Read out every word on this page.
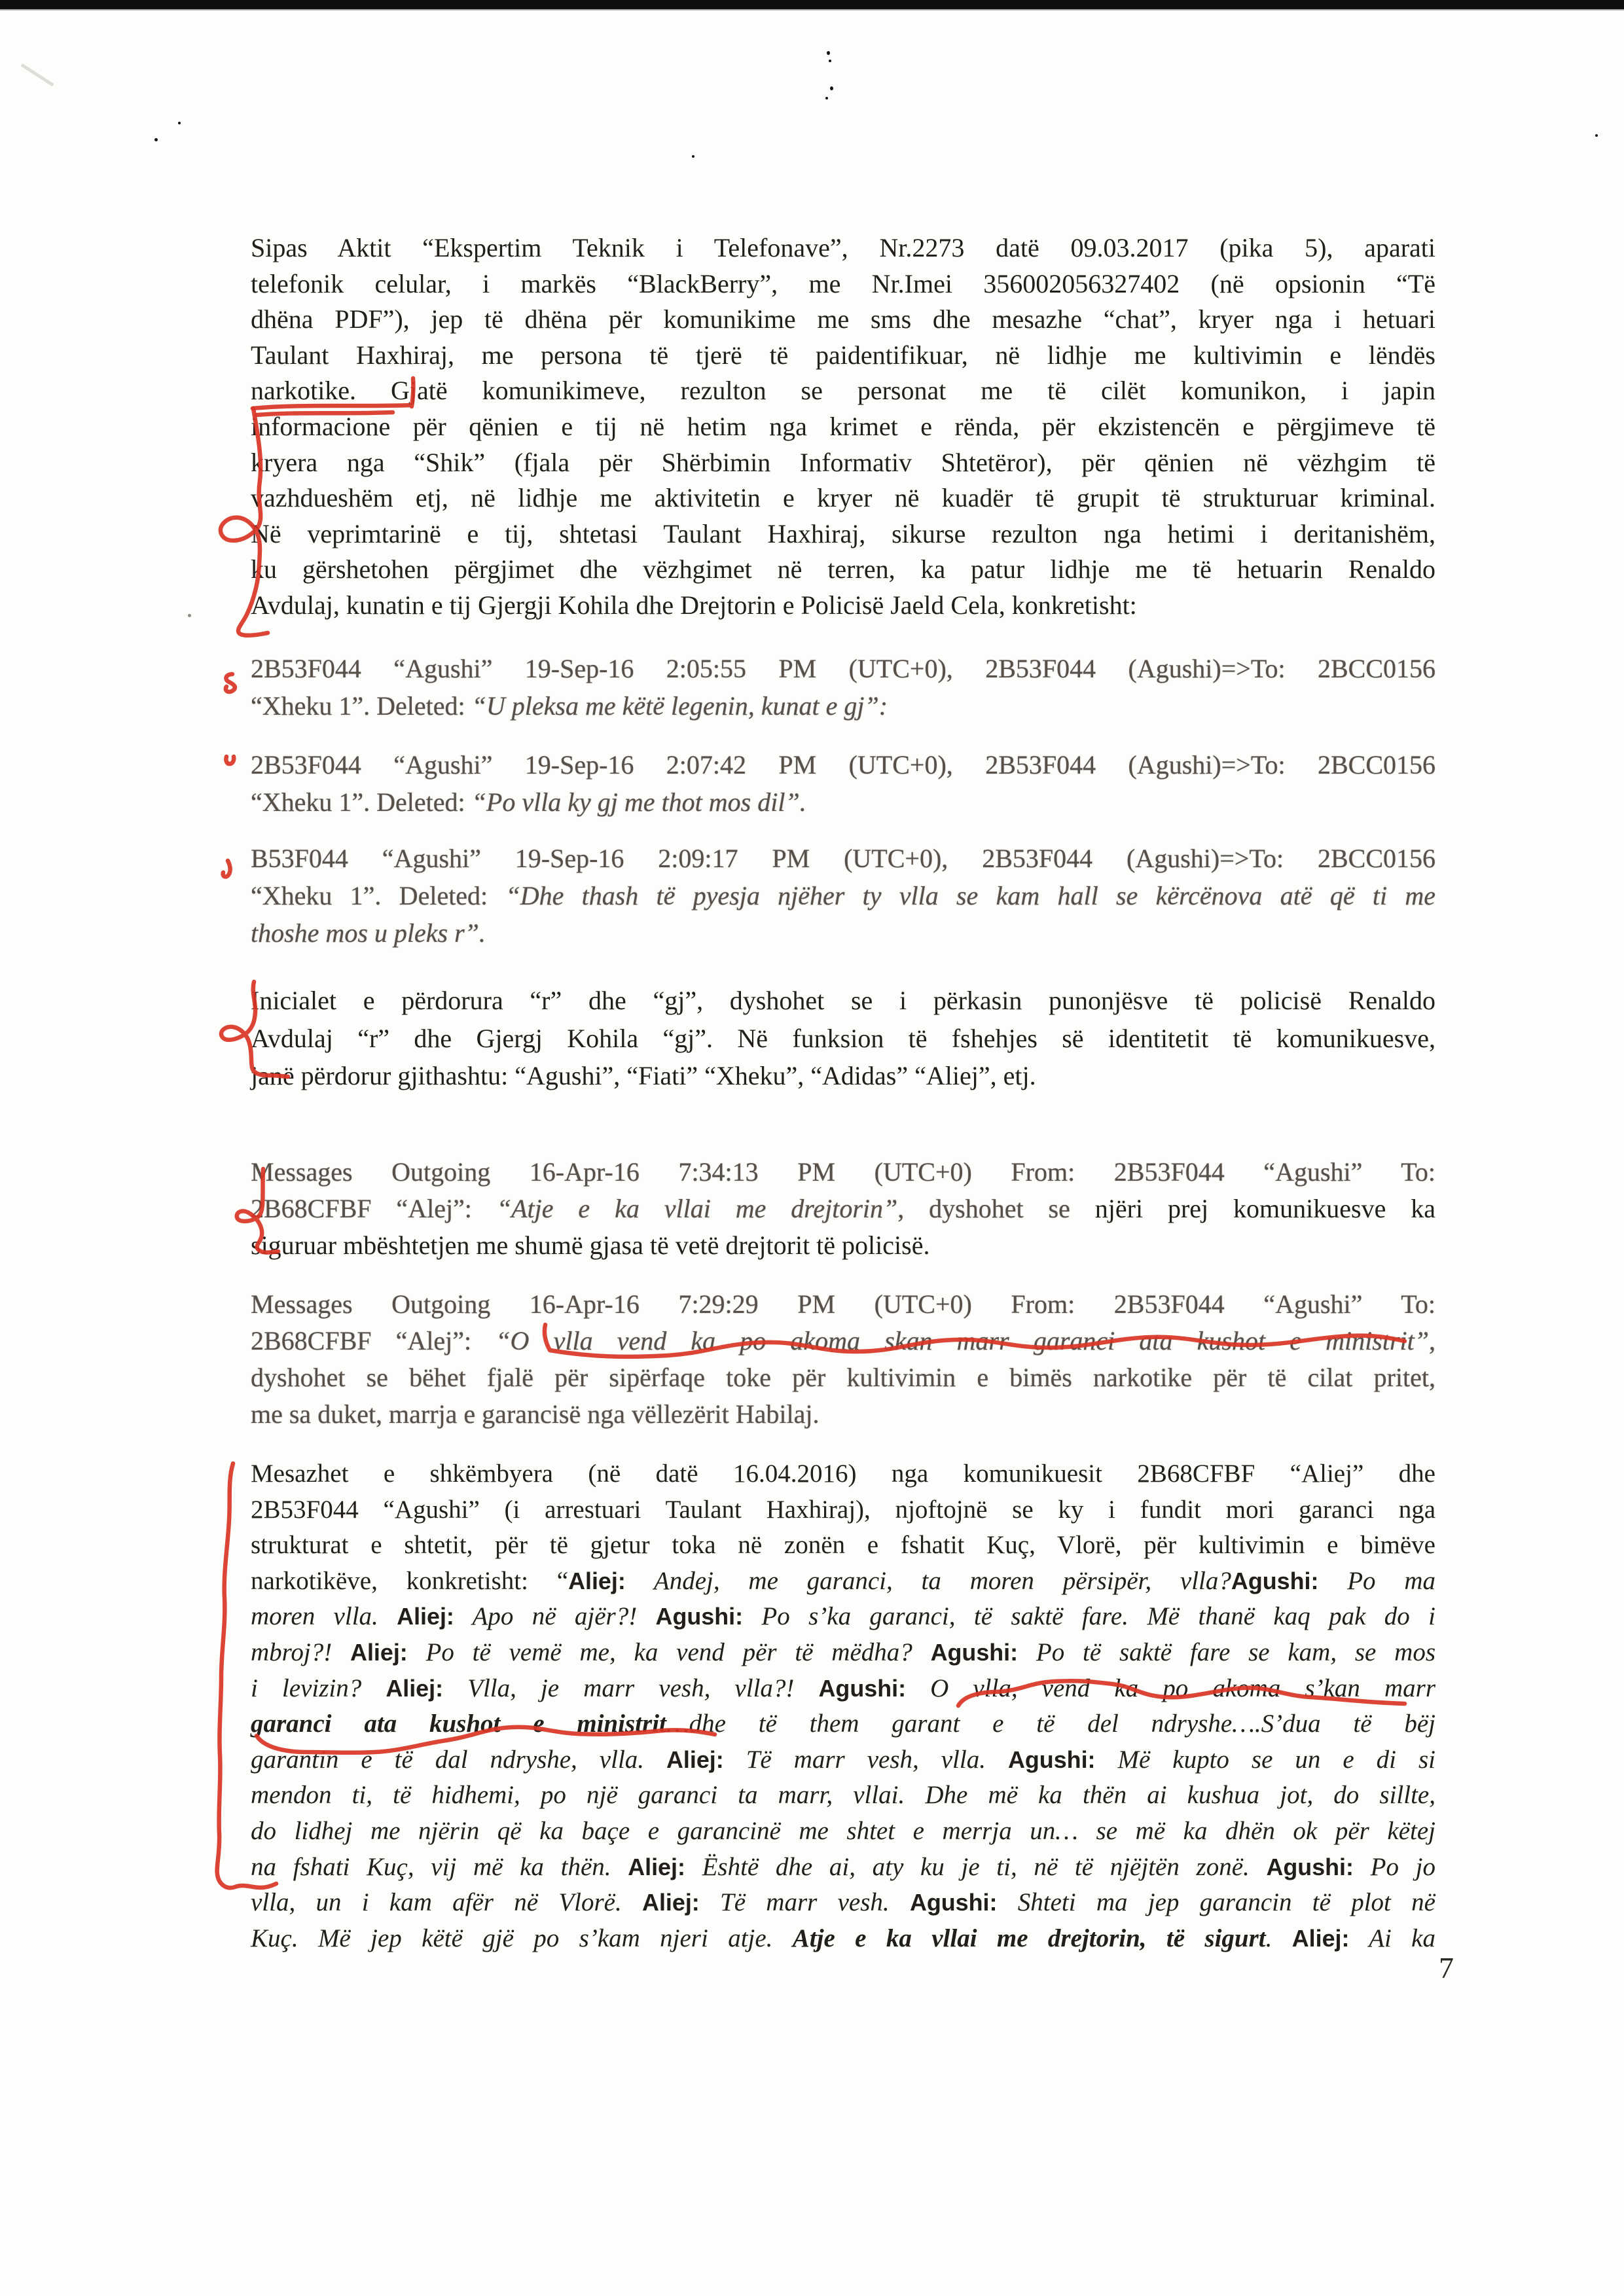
Sipas Aktit “Ekspertim Teknik i Telefonave”, Nr.2273 datë 09.03.2017 (pika 5), aparati
telefonik celular, i markës “BlackBerry”, me Nr.Imei 356002056327402 (në opsionin “Të
dhëna PDF”), jep të dhëna për komunikime me sms dhe mesazhe “chat”, kryer nga i hetuari
Taulant Haxhiraj, me persona të tjerë të paidentifikuar, në lidhje me kultivimin e lëndës
narkotike. Gjatë komunikimeve, rezulton se personat me të cilët komunikon, i japin
informacione për qënien e tij në hetim nga krimet e rënda, për ekzistencën e përgjimeve të
kryera nga “Shik” (fjala për Shërbimin Informativ Shtetëror), për qënien në vëzhgim të
vazhdueshëm etj, në lidhje me aktivitetin e kryer në kuadër të grupit të strukturuar kriminal.
Në veprimtarinë e tij, shtetasi Taulant Haxhiraj, sikurse rezulton nga hetimi i deritanishëm,
ku gërshetohen përgjimet dhe vëzhgimet në terren, ka patur lidhje me të hetuarin Renaldo
Avdulaj, kunatin e tij Gjergji Kohila dhe Drejtorin e Policisë Jaeld Cela, konkretisht:
2B53F044 “Agushi” 19-Sep-16 2:05:55 PM (UTC+0), 2B53F044 (Agushi)=>To: 2BCC0156
“Xheku 1”. Deleted: “U pleksa me këtë legenin, kunat e gj”:
2B53F044 “Agushi” 19-Sep-16 2:07:42 PM (UTC+0), 2B53F044 (Agushi)=>To: 2BCC0156
“Xheku 1”. Deleted: “Po vlla ky gj me thot mos dil”.
B53F044 “Agushi” 19-Sep-16 2:09:17 PM (UTC+0), 2B53F044 (Agushi)=>To: 2BCC0156
“Xheku 1”. Deleted: “Dhe thash të pyesja njëher ty vlla se kam hall se kërcënova atë që ti me
thoshe mos u pleks r”.
Inicialet e përdorura “r” dhe “gj”, dyshohet se i përkasin punonjësve të policisë Renaldo
Avdulaj “r” dhe Gjergj Kohila “gj”. Në funksion të fshehjes së identitetit të komunikuesve,
janë përdorur gjithashtu: “Agushi”, “Fiati” “Xheku”, “Adidas” “Aliej”, etj.
Messages Outgoing 16-Apr-16 7:34:13 PM (UTC+0) From: 2B53F044 “Agushi” To:
2B68CFBF “Alej”: “Atje e ka vllai me drejtorin”, dyshohet se njëri prej komunikuesve ka
siguruar mbështetjen me shumë gjasa të vetë drejtorit të policisë.
Messages Outgoing 16-Apr-16 7:29:29 PM (UTC+0) From: 2B53F044 “Agushi” To:
2B68CFBF “Alej”: “O vlla vend ka po akoma skan marr garanci ata kushot e ministrit”,
dyshohet se bëhet fjalë për sipërfaqe toke për kultivimin e bimës narkotike për të cilat pritet,
me sa duket, marrja e garancisë nga vëllezërit Habilaj.
Mesazhet e shkëmbyera (në datë 16.04.2016) nga komunikuesit 2B68CFBF “Aliej” dhe
2B53F044 “Agushi” (i arrestuari Taulant Haxhiraj), njoftojnë se ky i fundit mori garanci nga
strukturat e shtetit, për të gjetur toka në zonën e fshatit Kuç, Vlorë, për kultivimin e bimëve
narkotikëve, konkretisht: “Aliej: Andej, me garanci, ta moren përsipër, vlla?Agushi: Po ma
moren vlla. Aliej: Apo në ajër?! Agushi: Po s’ka garanci, të saktë fare. Më thanë kaq pak do i
mbroj?! Aliej: Po të vemë me, ka vend për të mëdha? Agushi: Po të saktë fare se kam, se mos
i levizin? Aliej: Vlla, je marr vesh, vlla?! Agushi: O vlla, vend ka po akoma s’kan marr
garanci ata kushot e ministrit…dhe të them garant e të del ndryshe….S’dua të bëj
garantin e të dal ndryshe, vlla. Aliej: Të marr vesh, vlla. Agushi: Më kupto se un e di si
mendon ti, të hidhemi, po një garanci ta marr, vllai. Dhe më ka thën ai kushua jot, do sillte,
do lidhej me njërin që ka baçe e garancinë me shtet e merrja un… se më ka dhën ok për këtej
na fshati Kuç, vij më ka thën. Aliej: Është dhe ai, aty ku je ti, në të njëjtën zonë. Agushi: Po jo
vlla, un i kam afër në Vlorë. Aliej: Të marr vesh. Agushi: Shteti ma jep garancin të plot në
Kuç. Më jep këtë gjë po s’kam njeri atje. Atje e ka vllai me drejtorin, të sigurt. Aliej: Ai ka
7
